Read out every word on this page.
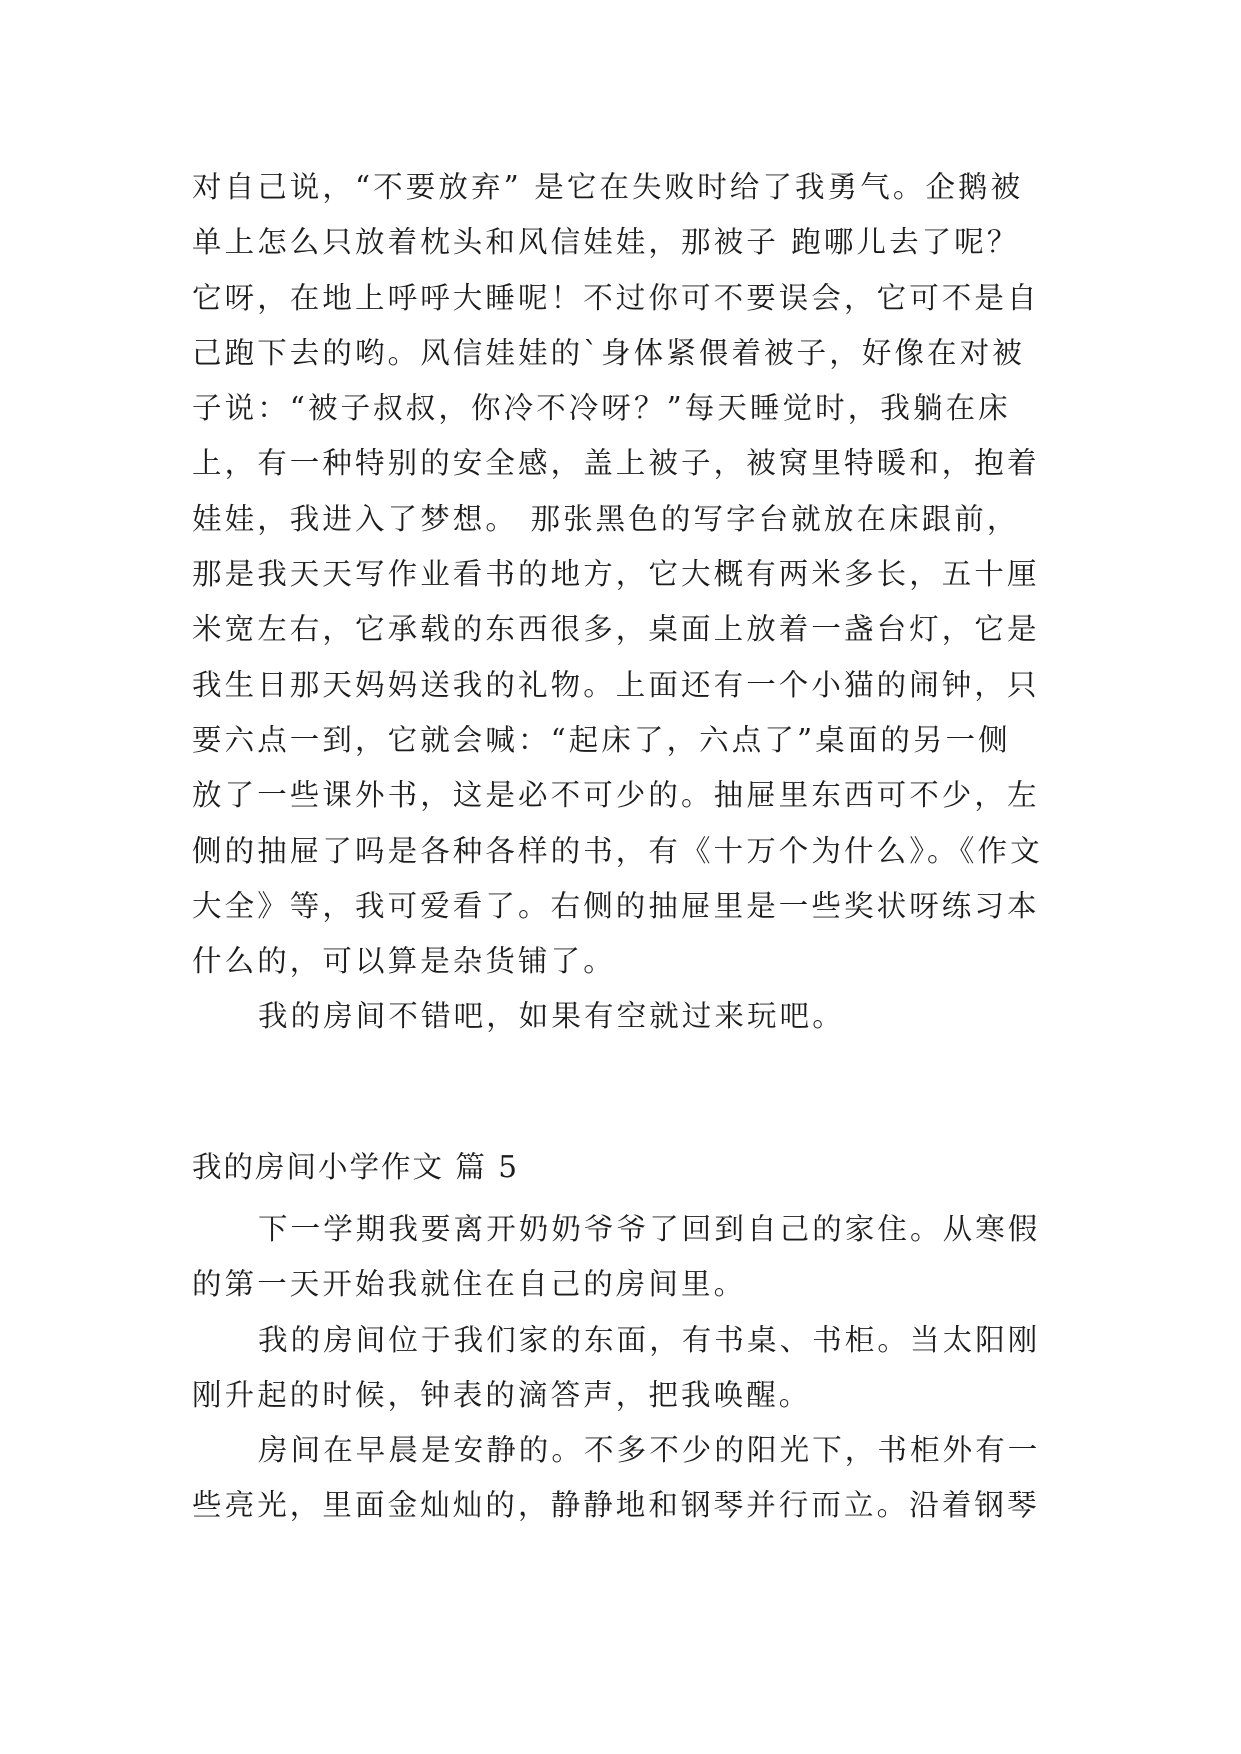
对自己说，“不要放弃” 是它在失败时给了我勇气。企鹅被
单上怎么只放着枕头和风信娃娃，那被子 跑哪儿去了呢？
它呀，在地上呼呼大睡呢！不过你可不要误会，它可不是自
己跑下去的哟。风信娃娃的`身体紧偎着被子，好像在对被
子说：“被子叔叔，你冷不冷呀？”每天睡觉时，我躺在床
上，有一种特别的安全感，盖上被子，被窝里特暖和，抱着
娃娃，我进入了梦想。 那张黑色的写字台就放在床跟前，
那是我天天写作业看书的地方，它大概有两米多长，五十厘
米宽左右，它承载的东西很多，桌面上放着一盏台灯，它是
我生日那天妈妈送我的礼物。上面还有一个小猫的闹钟，只
要六点一到，它就会喊：“起床了，六点了”桌面的另一侧
放了一些课外书，这是必不可少的。抽屉里东西可不少，左
侧的抽屉了吗是各种各样的书，有《十万个为什么》。《作文
大全》等，我可爱看了。右侧的抽屉里是一些奖状呀练习本
什么的，可以算是杂货铺了。
我的房间不错吧，如果有空就过来玩吧。
我的房间小学作文 篇 5
下一学期我要离开奶奶爷爷了回到自己的家住。从寒假
的第一天开始我就住在自己的房间里。
我的房间位于我们家的东面，有书桌、书柜。当太阳刚
刚升起的时候，钟表的滴答声，把我唤醒。
房间在早晨是安静的。不多不少的阳光下，书柜外有一
些亮光，里面金灿灿的，静静地和钢琴并行而立。沿着钢琴
